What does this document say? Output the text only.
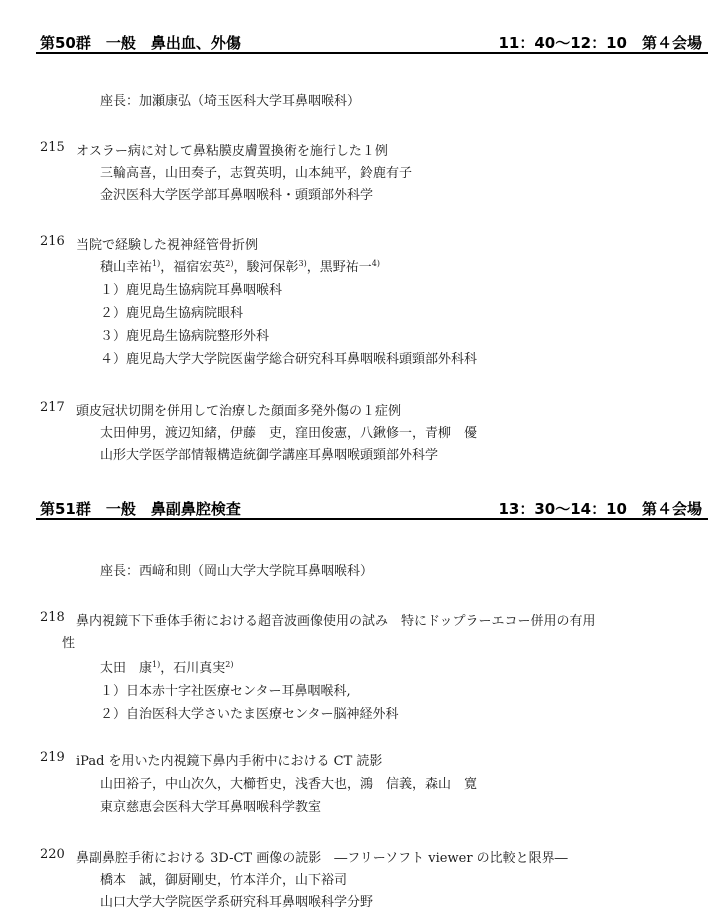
第50群　一般　鼻出血、外傷	11：40～12：10　第４会場
座長：加瀬康弘（埼玉医科大学耳鼻咽喉科）
215 オスラー病に対して鼻粘膜皮膚置換術を施行した１例
三輪高喜，山田奏子，志賀英明，山本純平，鈴鹿有子
金沢医科大学医学部耳鼻咽喉科・頭頸部外科学
216 当院で経験した視神経管骨折例
積山幸祐$^{1)}$，福宿宏英$^{2)}$，駿河保彰$^{3)}$，黒野祐一$^{4)}$
１）鹿児島生協病院耳鼻咽喉科
２）鹿児島生協病院眼科
３）鹿児島生協病院整形外科
４）鹿児島大学大学院医歯学総合研究科耳鼻咽喉科頭頸部外科科
217 頭皮冠状切開を併用して治療した顔面多発外傷の１症例
太田伸男，渡辺知緒，伊藤　吏，窪田俊憲，八鍬修一，青柳　優
山形大学医学部情報構造統御学講座耳鼻咽喉頭頸部外科学
第51群　一般　鼻副鼻腔検査	13：30～14：10　第４会場
座長：西﨑和則（岡山大学大学院耳鼻咽喉科）
218 鼻内視鏡下下垂体手術における超音波画像使用の試み　特にドップラーエコー併用の有用
性
太田　康$^{1)}$，石川真実$^{2)}$
１）日本赤十字社医療センター耳鼻咽喉科,
２）自治医科大学さいたま医療センター脳神経外科
219 iPad を用いた内視鏡下鼻内手術中における CT 読影
山田裕子，中山次久，大櫛哲史，浅香大也，鴻　信義，森山　寛
東京慈恵会医科大学耳鼻咽喉科学教室
220 鼻副鼻腔手術における 3D-CT 画像の読影　―フリーソフト viewer の比較と限界―
橋本　誠，御厨剛史，竹本洋介，山下裕司
山口大学大学院医学系研究科耳鼻咽喉科学分野
